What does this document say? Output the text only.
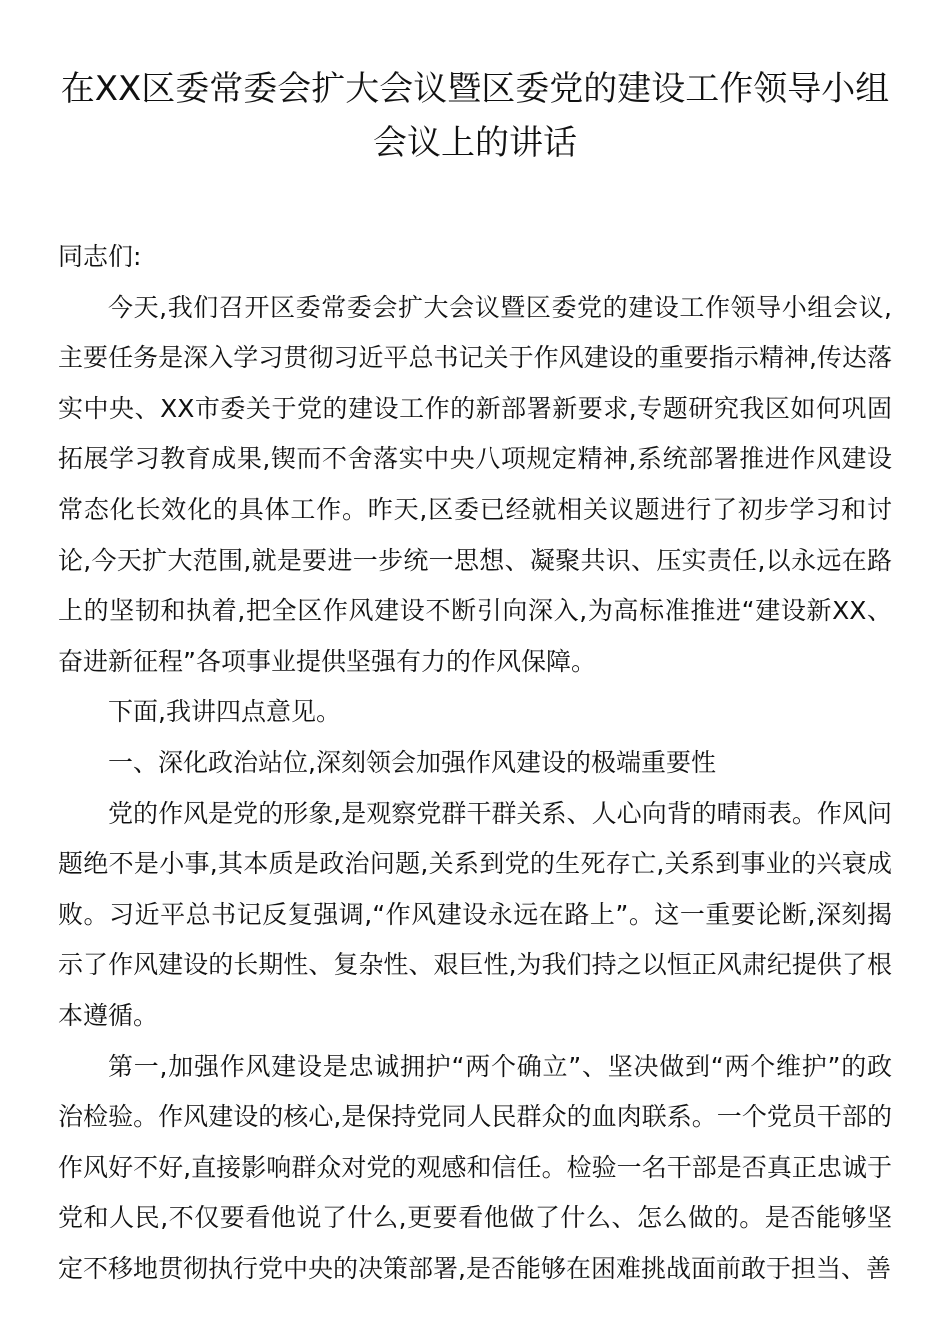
在XX区委常委会扩大会议暨区委党的建设工作领导小组会议上的讲话

同志们:

今天,我们召开区委常委会扩大会议暨区委党的建设工作领导小组会议,主要任务是深入学习贯彻习近平总书记关于作风建设的重要指示精神,传达落实中央、XX市委关于党的建设工作的新部署新要求,专题研究我区如何巩固拓展学习教育成果,锲而不舍落实中央八项规定精神,系统部署推进作风建设常态化长效化的具体工作。昨天,区委已经就相关议题进行了初步学习和讨论,今天扩大范围,就是要进一步统一思想、凝聚共识、压实责任,以永远在路上的坚韧和执着,把全区作风建设不断引向深入,为高标准推进“建设新XX、奋进新征程”各项事业提供坚强有力的作风保障。

下面,我讲四点意见。

一、深化政治站位,深刻领会加强作风建设的极端重要性

党的作风是党的形象,是观察党群干群关系、人心向背的晴雨表。作风问题绝不是小事,其本质是政治问题,关系到党的生死存亡,关系到事业的兴衰成败。习近平总书记反复强调,“作风建设永远在路上”。这一重要论断,深刻揭示了作风建设的长期性、复杂性、艰巨性,为我们持之以恒正风肃纪提供了根本遵循。

第一,加强作风建设是忠诚拥护“两个确立”、坚决做到“两个维护”的政治检验。作风建设的核心,是保持党同人民群众的血肉联系。一个党员干部的作风好不好,直接影响群众对党的观感和信任。检验一名干部是否真正忠诚于党和人民,不仅要看他说了什么,更要看他做了什么、怎么做的。是否能够坚定不移地贯彻执行党中央的决策部署,是否能够在困难挑战面前敢于担当、善
